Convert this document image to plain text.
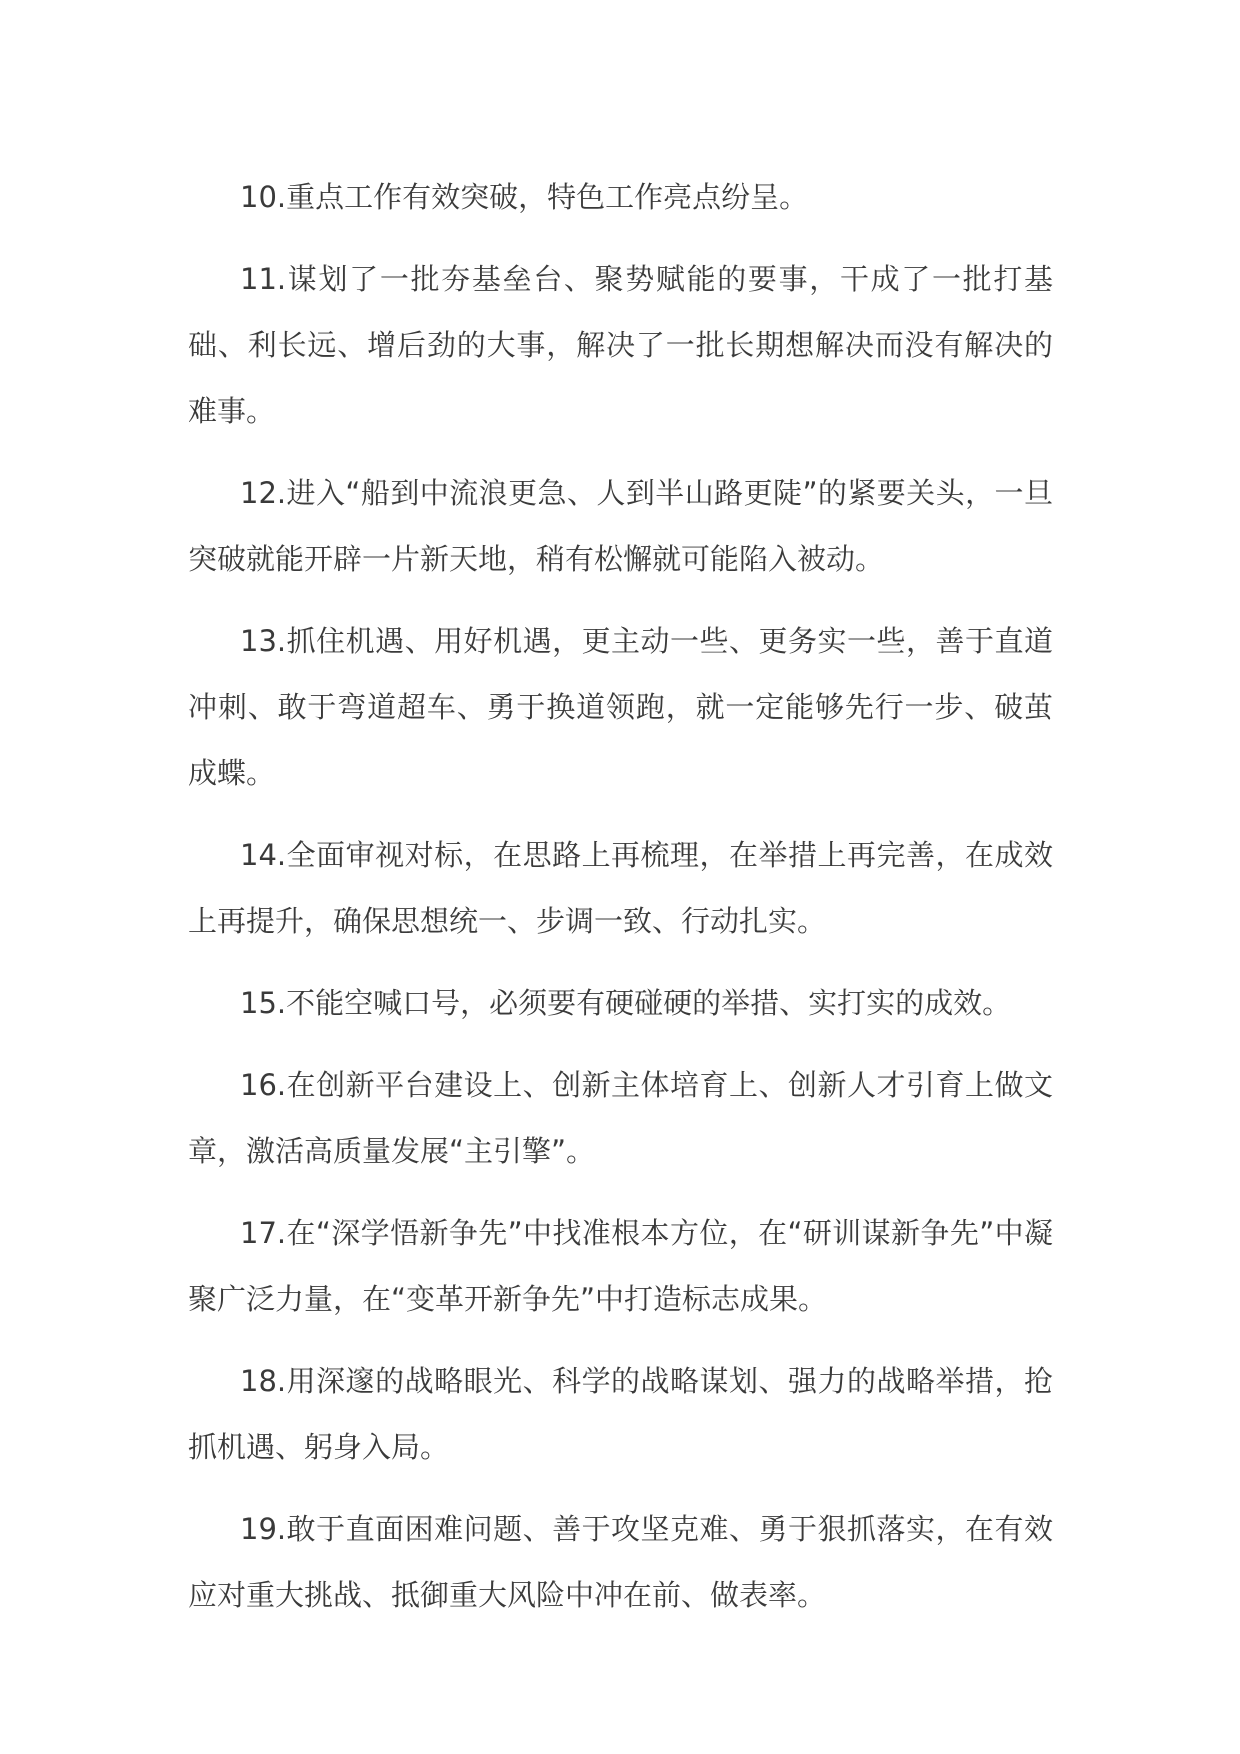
10.重点工作有效突破，特色工作亮点纷呈。

11.谋划了一批夯基垒台、聚势赋能的要事，干成了一批打基础、利长远、增后劲的大事，解决了一批长期想解决而没有解决的难事。

12.进入“船到中流浪更急、人到半山路更陡”的紧要关头，一旦突破就能开辟一片新天地，稍有松懈就可能陷入被动。

13.抓住机遇、用好机遇，更主动一些、更务实一些，善于直道冲刺、敢于弯道超车、勇于换道领跑，就一定能够先行一步、破茧成蝶。

14.全面审视对标，在思路上再梳理，在举措上再完善，在成效上再提升，确保思想统一、步调一致、行动扎实。

15.不能空喊口号，必须要有硬碰硬的举措、实打实的成效。

16.在创新平台建设上、创新主体培育上、创新人才引育上做文章，激活高质量发展“主引擎”。

17.在“深学悟新争先”中找准根本方位，在“研训谋新争先”中凝聚广泛力量，在“变革开新争先”中打造标志成果。

18.用深邃的战略眼光、科学的战略谋划、强力的战略举措，抢抓机遇、躬身入局。

19.敢于直面困难问题、善于攻坚克难、勇于狠抓落实，在有效应对重大挑战、抵御重大风险中冲在前、做表率。
